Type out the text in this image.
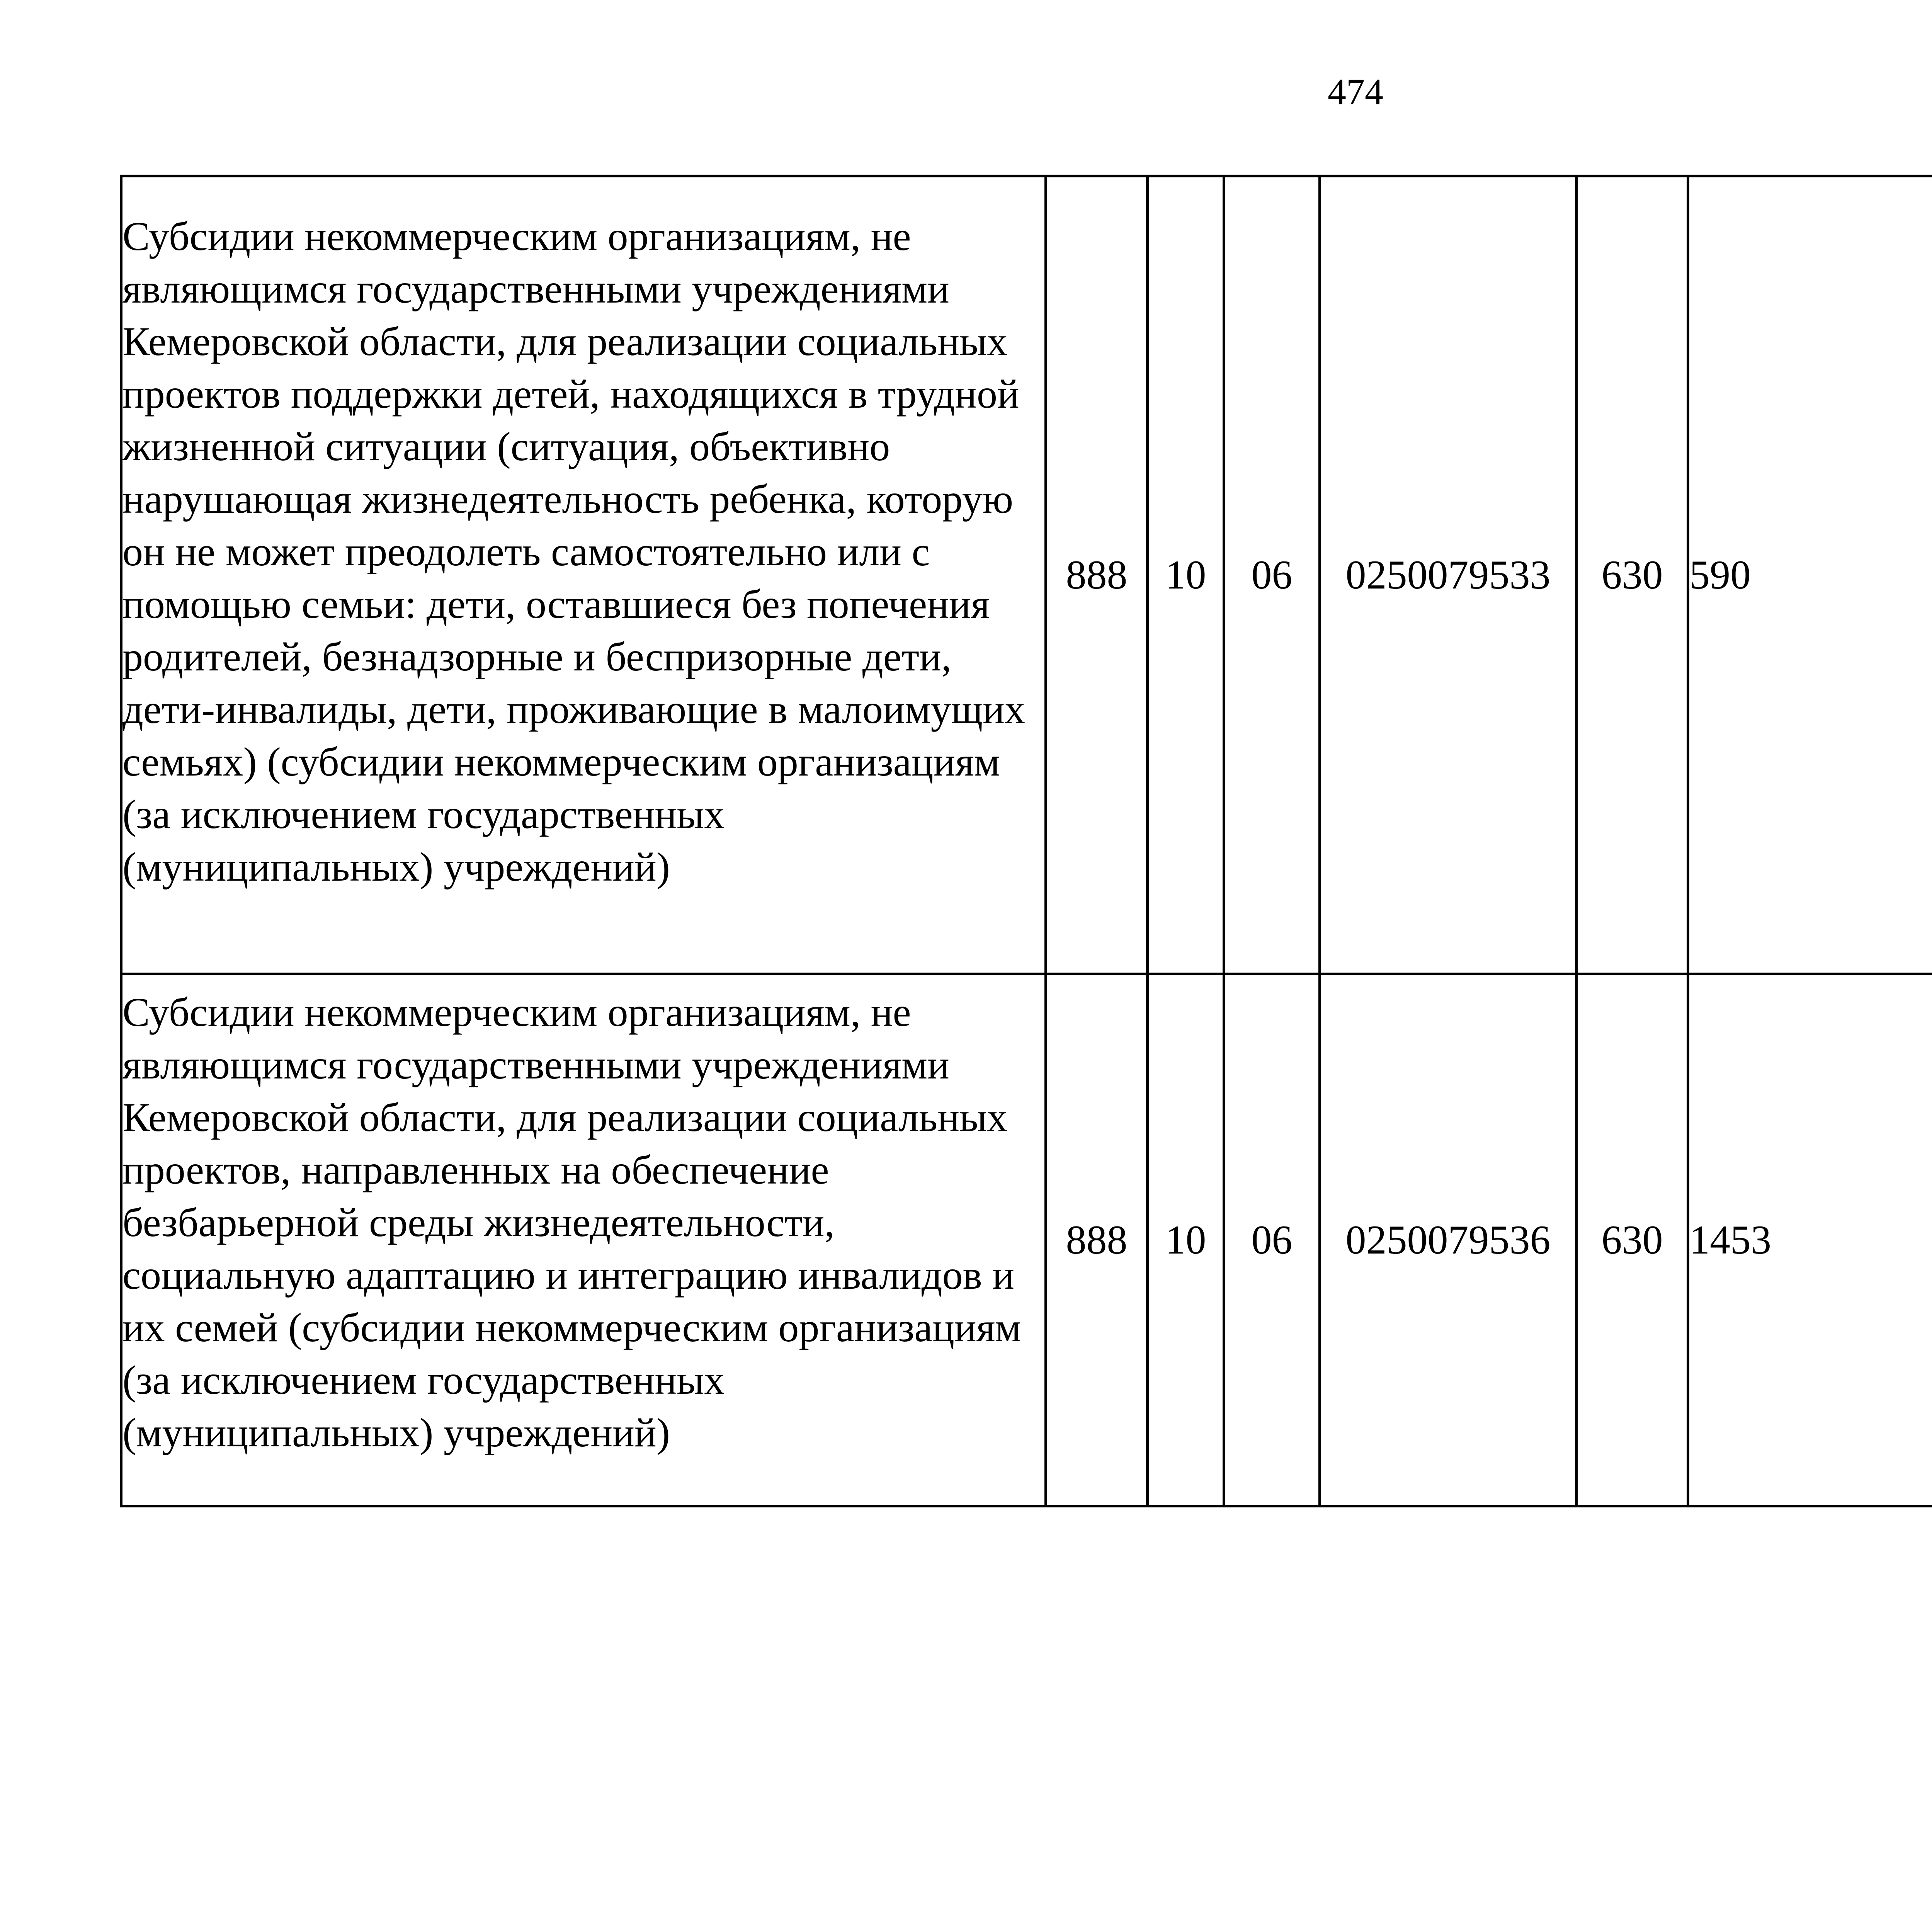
474
Субсидии некоммерческим организациям, не являющимся государственными учреждениями Кемеровской области, для реализации социальных проектов поддержки детей, находящихся в трудной жизненной ситуации (ситуация, объективно нарушающая жизнедеятельность ребенка, которую он не может преодолеть самостоятельно или с помощью семьи: дети, оставшиеся без попечения родителей, безнадзорные и беспризорные дети, дети-инвалиды, дети, проживающие в малоимущих семьях) (субсидии некоммерческим организациям (за исключением государственных (муниципальных) учреждений)	888	10	06	0250079533	630	590		
Субсидии некоммерческим организациям, не являющимся государственными учреждениями Кемеровской области, для реализации социальных проектов, направленных на обеспечение безбарьерной среды жизнедеятельности, социальную адаптацию и интеграцию инвалидов и их семей (субсидии некоммерческим организациям (за исключением государственных (муниципальных) учреждений)	888	10	06	0250079536	630	1453		
